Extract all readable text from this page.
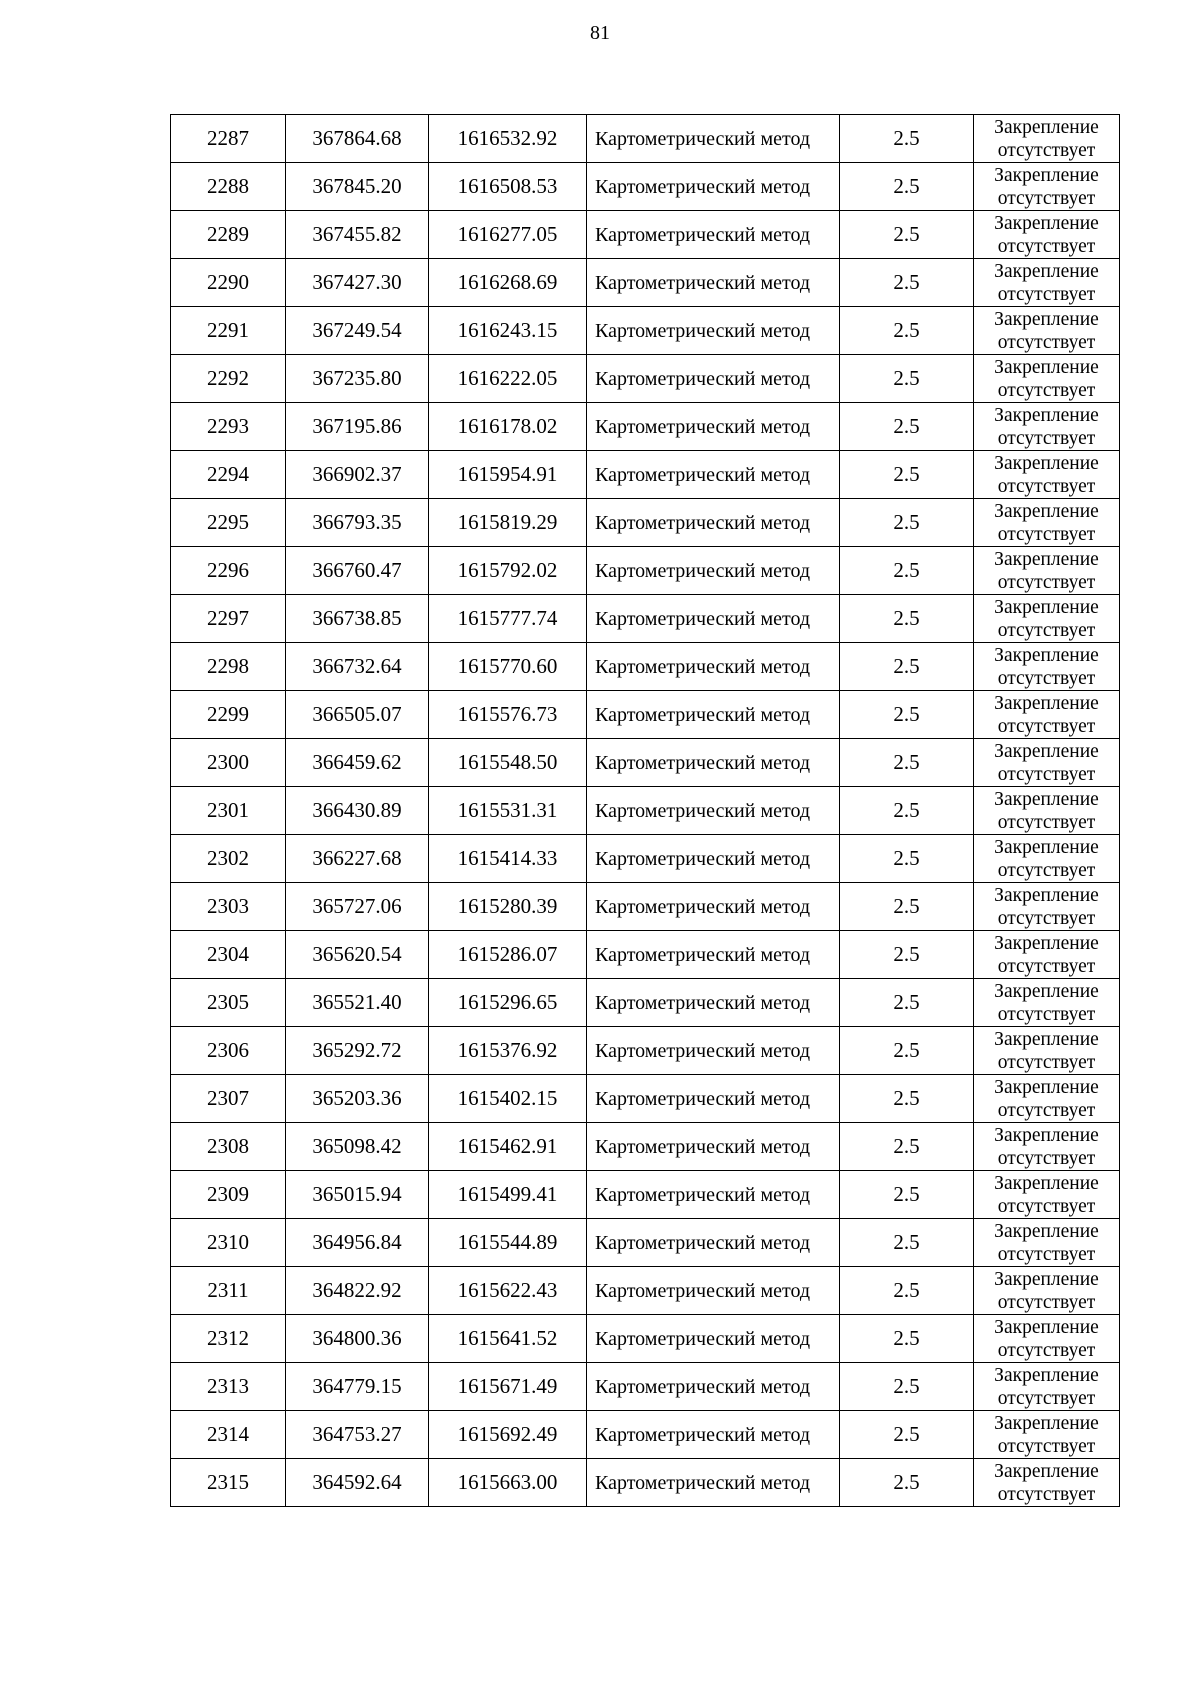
81
2287	367864.68	1616532.92	Картометрический метод	2.5	Закрепление
отсутствует

2288	367845.20	1616508.53	Картометрический метод	2.5	Закрепление
отсутствует

2289	367455.82	1616277.05	Картометрический метод	2.5	Закрепление
отсутствует

2290	367427.30	1616268.69	Картометрический метод	2.5	Закрепление
отсутствует

2291	367249.54	1616243.15	Картометрический метод	2.5	Закрепление
отсутствует

2292	367235.80	1616222.05	Картометрический метод	2.5	Закрепление
отсутствует

2293	367195.86	1616178.02	Картометрический метод	2.5	Закрепление
отсутствует

2294	366902.37	1615954.91	Картометрический метод	2.5	Закрепление
отсутствует

2295	366793.35	1615819.29	Картометрический метод	2.5	Закрепление
отсутствует

2296	366760.47	1615792.02	Картометрический метод	2.5	Закрепление
отсутствует

2297	366738.85	1615777.74	Картометрический метод	2.5	Закрепление
отсутствует

2298	366732.64	1615770.60	Картометрический метод	2.5	Закрепление
отсутствует

2299	366505.07	1615576.73	Картометрический метод	2.5	Закрепление
отсутствует

2300	366459.62	1615548.50	Картометрический метод	2.5	Закрепление
отсутствует

2301	366430.89	1615531.31	Картометрический метод	2.5	Закрепление
отсутствует

2302	366227.68	1615414.33	Картометрический метод	2.5	Закрепление
отсутствует

2303	365727.06	1615280.39	Картометрический метод	2.5	Закрепление
отсутствует

2304	365620.54	1615286.07	Картометрический метод	2.5	Закрепление
отсутствует

2305	365521.40	1615296.65	Картометрический метод	2.5	Закрепление
отсутствует

2306	365292.72	1615376.92	Картометрический метод	2.5	Закрепление
отсутствует

2307	365203.36	1615402.15	Картометрический метод	2.5	Закрепление
отсутствует

2308	365098.42	1615462.91	Картометрический метод	2.5	Закрепление
отсутствует

2309	365015.94	1615499.41	Картометрический метод	2.5	Закрепление
отсутствует

2310	364956.84	1615544.89	Картометрический метод	2.5	Закрепление
отсутствует

2311	364822.92	1615622.43	Картометрический метод	2.5	Закрепление
отсутствует

2312	364800.36	1615641.52	Картометрический метод	2.5	Закрепление
отсутствует

2313	364779.15	1615671.49	Картометрический метод	2.5	Закрепление
отсутствует

2314	364753.27	1615692.49	Картометрический метод	2.5	Закрепление
отсутствует

2315	364592.64	1615663.00	Картометрический метод	2.5	Закрепление
отсутствует
